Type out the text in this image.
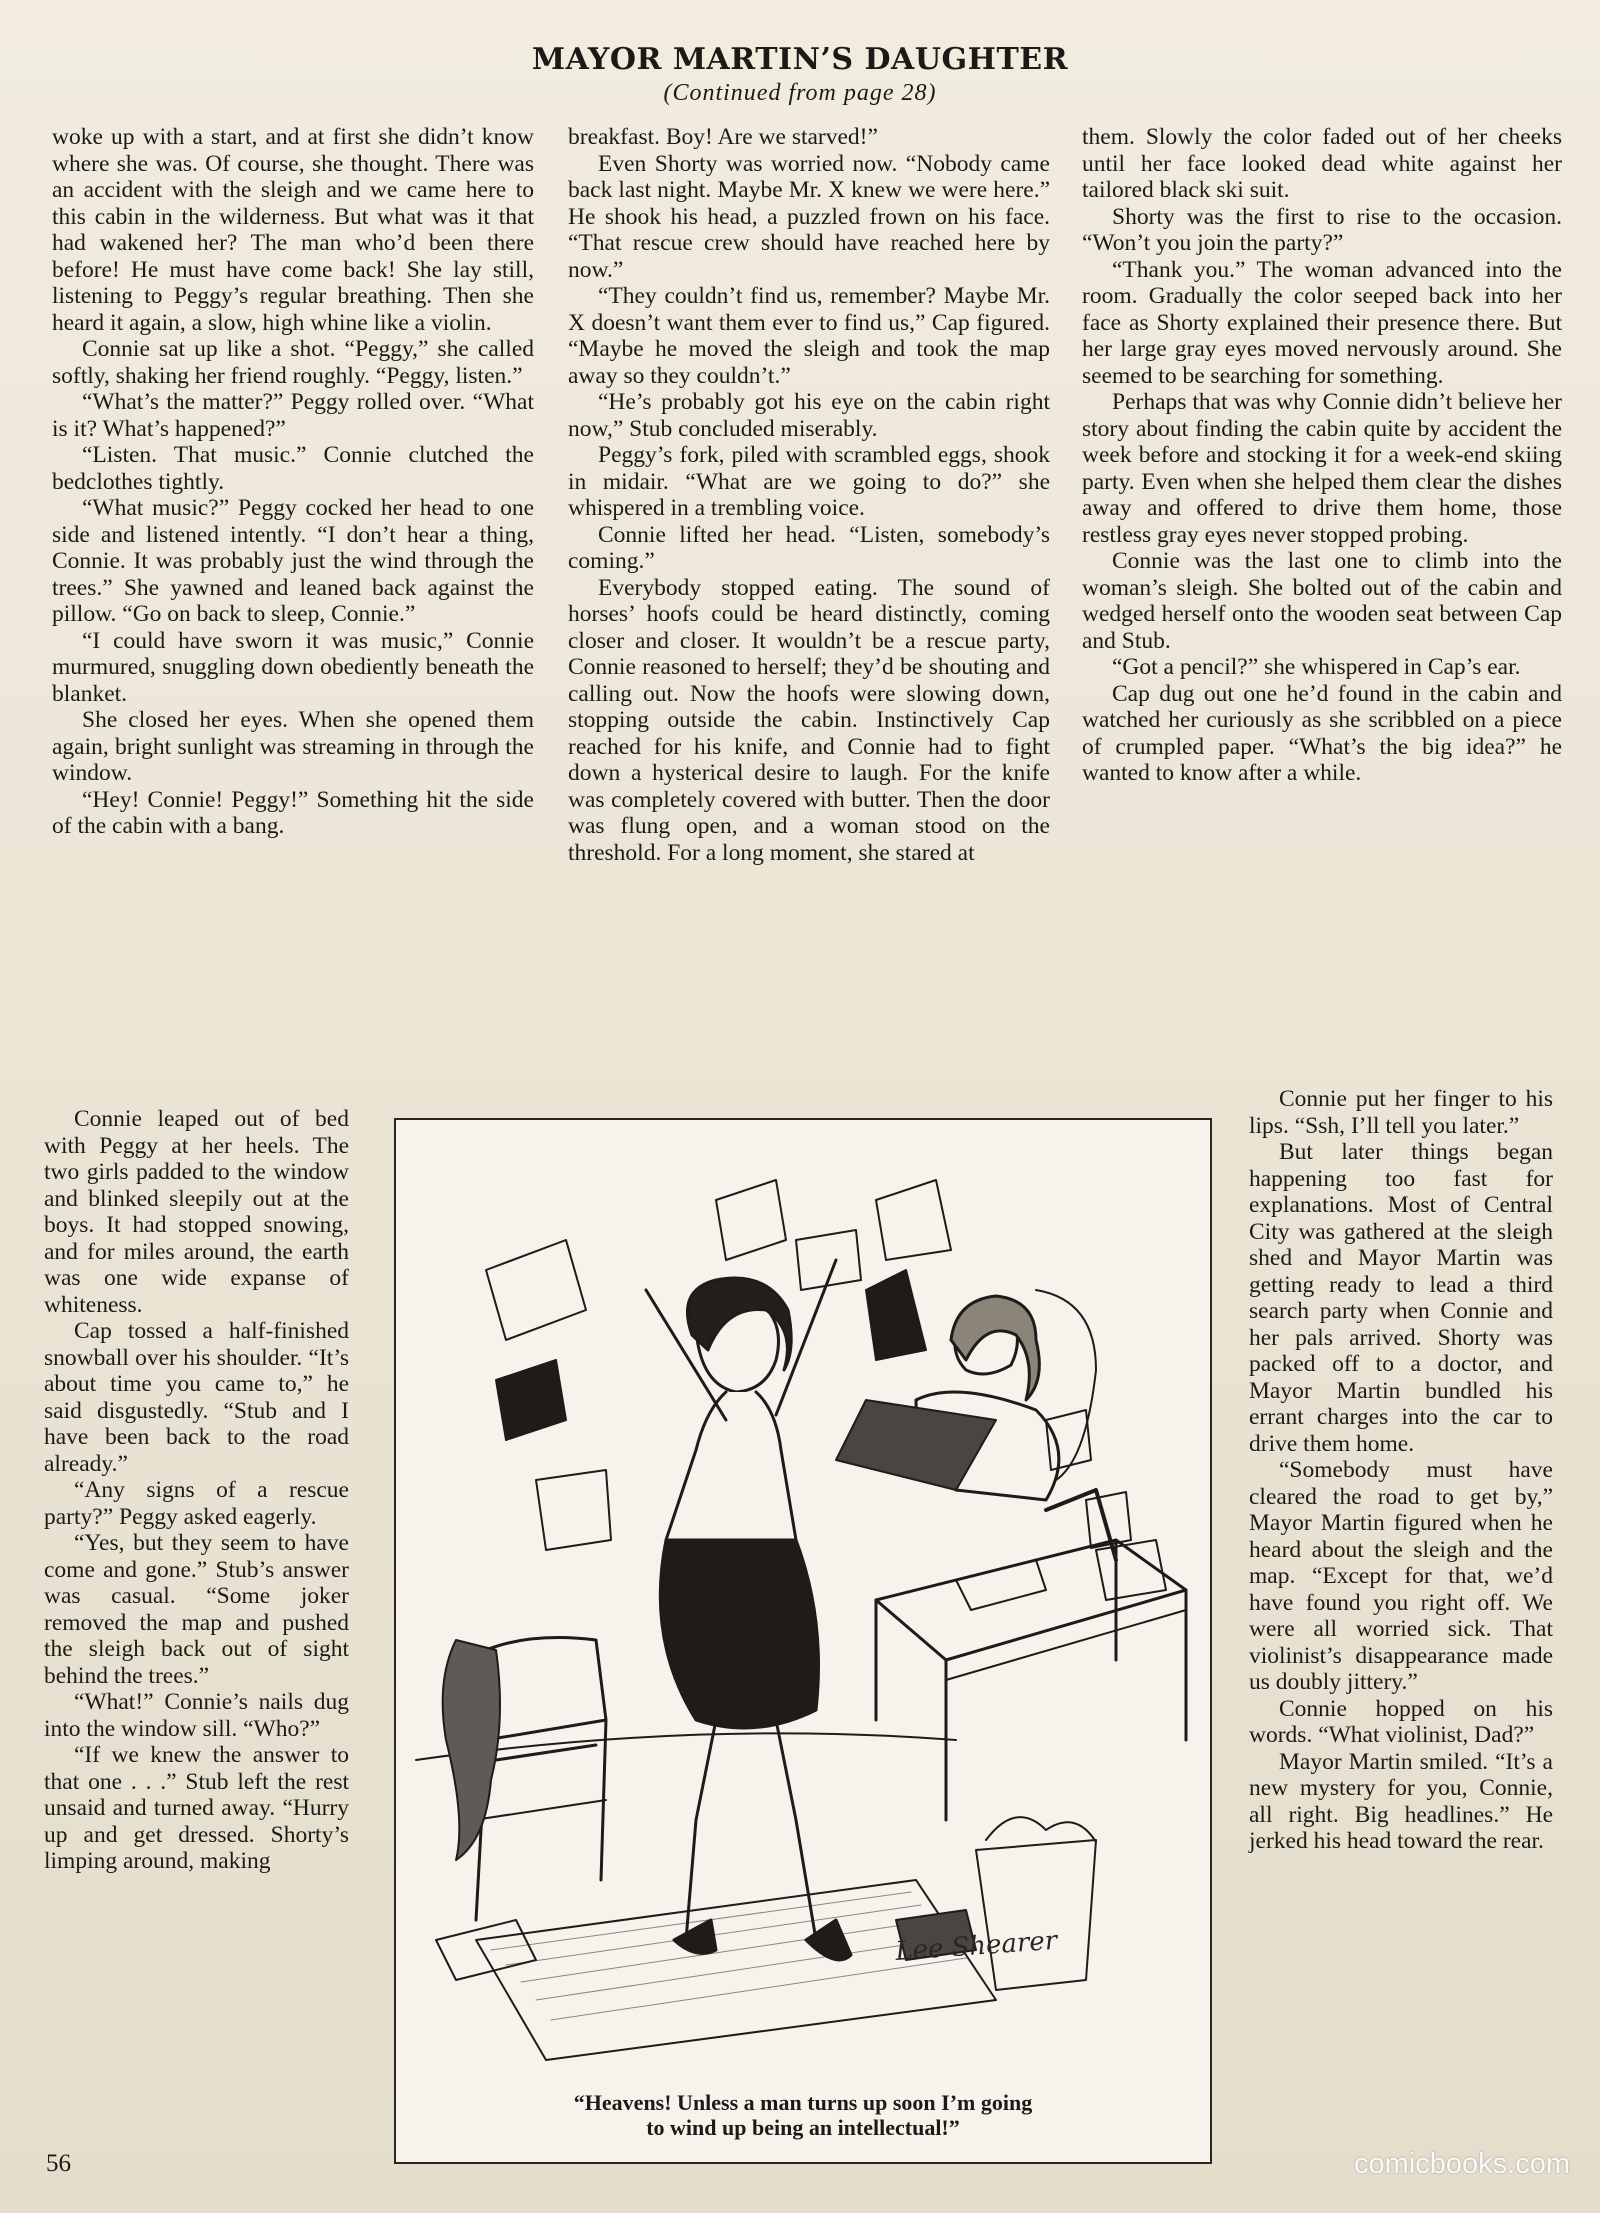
MAYOR MARTIN’S DAUGHTER
(Continued from page 28)

woke up with a start, and at first she didn’t know where she was. Of course, she thought. There was an accident with the sleigh and we came here to this cabin in the wilderness. But what was it that had wakened her? The man who’d been there before! He must have come back! She lay still, listening to Peggy’s regular breathing. Then she heard it again, a slow, high whine like a violin.

Connie sat up like a shot. “Peggy,” she called softly, shaking her friend roughly. “Peggy, listen.”

“What’s the matter?” Peggy rolled over. “What is it? What’s happened?”

“Listen. That music.” Connie clutched the bedclothes tightly.

“What music?” Peggy cocked her head to one side and listened intently. “I don’t hear a thing, Connie. It was probably just the wind through the trees.” She yawned and leaned back against the pillow. “Go on back to sleep, Connie.”

“I could have sworn it was music,” Connie murmured, snuggling down obediently beneath the blanket.

She closed her eyes. When she opened them again, bright sunlight was streaming in through the window.

“Hey! Connie! Peggy!” Something hit the side of the cabin with a bang.

Connie leaped out of bed with Peggy at her heels. The two girls padded to the window and blinked sleepily out at the boys. It had stopped snowing, and for miles around, the earth was one wide expanse of whiteness.

Cap tossed a half-finished snowball over his shoulder. “It’s about time you came to,” he said disgustedly. “Stub and I have been back to the road already.”

“Any signs of a rescue party?” Peggy asked eagerly.

“Yes, but they seem to have come and gone.” Stub’s answer was casual. “Some joker removed the map and pushed the sleigh back out of sight behind the trees.”

“What!” Connie’s nails dug into the window sill. “Who?”

“If we knew the answer to that one . . .” Stub left the rest unsaid and turned away. “Hurry up and get dressed. Shorty’s limping around, making

breakfast. Boy! Are we starved!”

Even Shorty was worried now. “Nobody came back last night. Maybe Mr. X knew we were here.” He shook his head, a puzzled frown on his face. “That rescue crew should have reached here by now.”

“They couldn’t find us, remember? Maybe Mr. X doesn’t want them ever to find us,” Cap figured. “Maybe he moved the sleigh and took the map away so they couldn’t.”

“He’s probably got his eye on the cabin right now,” Stub concluded miserably.

Peggy’s fork, piled with scrambled eggs, shook in midair. “What are we going to do?” she whispered in a trembling voice.

Connie lifted her head. “Listen, somebody’s coming.”

Everybody stopped eating. The sound of horses’ hoofs could be heard distinctly, coming closer and closer. It wouldn’t be a rescue party, Connie reasoned to herself; they’d be shouting and calling out. Now the hoofs were slowing down, stopping outside the cabin. Instinctively Cap reached for his knife, and Connie had to fight down a hysterical desire to laugh. For the knife was completely covered with butter. Then the door was flung open, and a woman stood on the threshold. For a long moment, she stared at

them. Slowly the color faded out of her cheeks until her face looked dead white against her tailored black ski suit.

Shorty was the first to rise to the occasion. “Won’t you join the party?”

“Thank you.” The woman advanced into the room. Gradually the color seeped back into her face as Shorty explained their presence there. But her large gray eyes moved nervously around. She seemed to be searching for something.

Perhaps that was why Connie didn’t believe her story about finding the cabin quite by accident the week before and stocking it for a week-end skiing party. Even when she helped them clear the dishes away and offered to drive them home, those restless gray eyes never stopped probing.

Connie was the last one to climb into the woman’s sleigh. She bolted out of the cabin and wedged herself onto the wooden seat between Cap and Stub.

“Got a pencil?” she whispered in Cap’s ear.

Cap dug out one he’d found in the cabin and watched her curiously as she scribbled on a piece of crumpled paper. “What’s the big idea?” he wanted to know after a while.

Connie put her finger to his lips. “Ssh, I’ll tell you later.”

But later things began happening too fast for explanations. Most of Central City was gathered at the sleigh shed and Mayor Martin was getting ready to lead a third search party when Connie and her pals arrived. Shorty was packed off to a doctor, and Mayor Martin bundled his errant charges into the car to drive them home.

“Somebody must have cleared the road to get by,” Mayor Martin figured when he heard about the sleigh and the map. “Except for that, we’d have found you right off. We were all worried sick. That violinist’s disappearance made us doubly jittery.”

Connie hopped on his words. “What violinist, Dad?”

Mayor Martin smiled. “It’s a new mystery for you, Connie, all right. Big headlines.” He jerked his head toward the rear.

Lee Shearer
“Heavens! Unless a man turns up soon I’m going
to wind up being an intellectual!”
56	comicbooks.com
